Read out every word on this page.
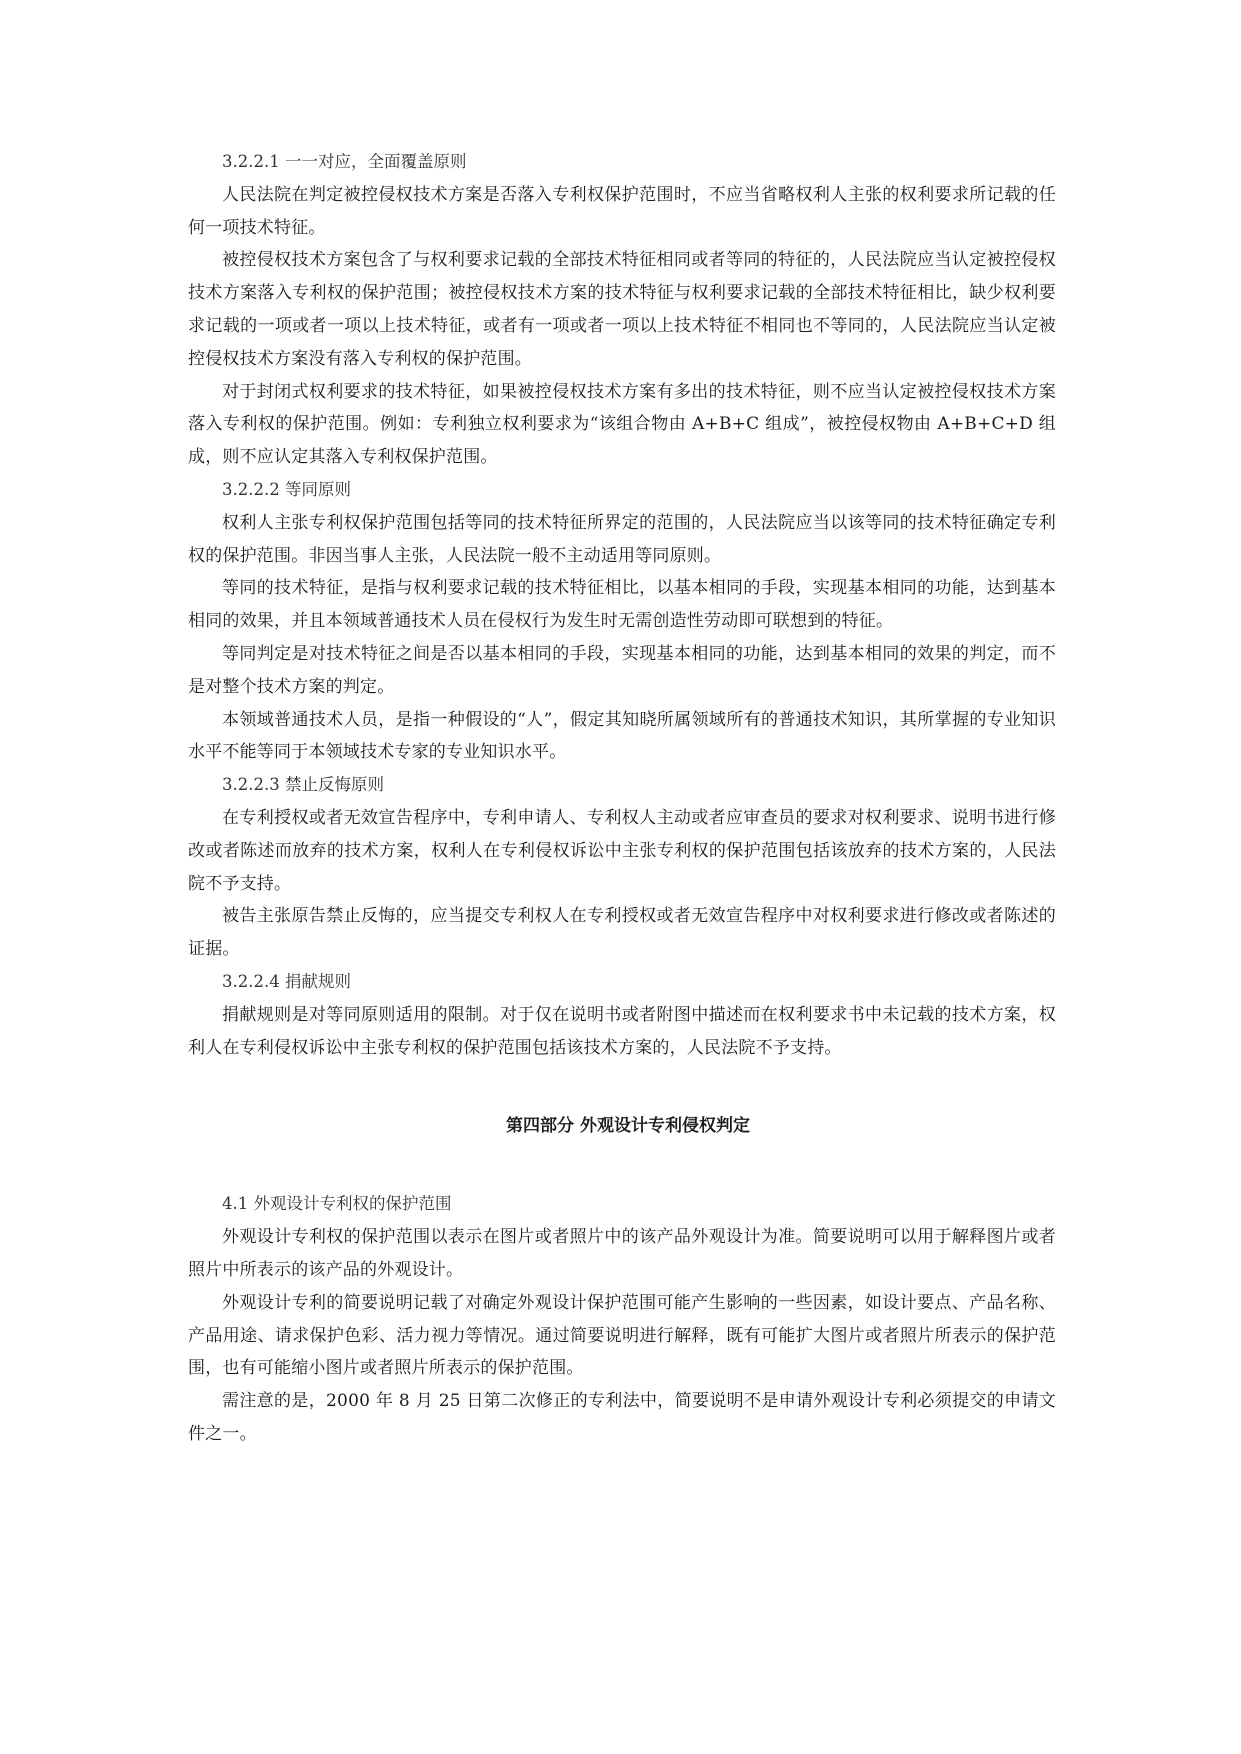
3.2.2.1 一一对应，全面覆盖原则

人民法院在判定被控侵权技术方案是否落入专利权保护范围时，不应当省略权利人主张的权利要求所记载的任何一项技术特征。

被控侵权技术方案包含了与权利要求记载的全部技术特征相同或者等同的特征的，人民法院应当认定被控侵权技术方案落入专利权的保护范围；被控侵权技术方案的技术特征与权利要求记载的全部技术特征相比，缺少权利要求记载的一项或者一项以上技术特征，或者有一项或者一项以上技术特征不相同也不等同的，人民法院应当认定被控侵权技术方案没有落入专利权的保护范围。

对于封闭式权利要求的技术特征，如果被控侵权技术方案有多出的技术特征，则不应当认定被控侵权技术方案落入专利权的保护范围。例如：专利独立权利要求为“该组合物由 A+B+C 组成”，被控侵权物由 A+B+C+D 组成，则不应认定其落入专利权保护范围。

3.2.2.2 等同原则

权利人主张专利权保护范围包括等同的技术特征所界定的范围的，人民法院应当以该等同的技术特征确定专利权的保护范围。非因当事人主张，人民法院一般不主动适用等同原则。

等同的技术特征，是指与权利要求记载的技术特征相比，以基本相同的手段，实现基本相同的功能，达到基本相同的效果，并且本领域普通技术人员在侵权行为发生时无需创造性劳动即可联想到的特征。

等同判定是对技术特征之间是否以基本相同的手段，实现基本相同的功能，达到基本相同的效果的判定，而不是对整个技术方案的判定。

本领域普通技术人员，是指一种假设的“人”，假定其知晓所属领域所有的普通技术知识，其所掌握的专业知识水平不能等同于本领域技术专家的专业知识水平。

3.2.2.3 禁止反悔原则

在专利授权或者无效宣告程序中，专利申请人、专利权人主动或者应审查员的要求对权利要求、说明书进行修改或者陈述而放弃的技术方案，权利人在专利侵权诉讼中主张专利权的保护范围包括该放弃的技术方案的，人民法院不予支持。

被告主张原告禁止反悔的，应当提交专利权人在专利授权或者无效宣告程序中对权利要求进行修改或者陈述的证据。

3.2.2.4 捐献规则

捐献规则是对等同原则适用的限制。对于仅在说明书或者附图中描述而在权利要求书中未记载的技术方案，权利人在专利侵权诉讼中主张专利权的保护范围包括该技术方案的，人民法院不予支持。

第四部分 外观设计专利侵权判定

4.1 外观设计专利权的保护范围

外观设计专利权的保护范围以表示在图片或者照片中的该产品外观设计为准。简要说明可以用于解释图片或者照片中所表示的该产品的外观设计。

外观设计专利的简要说明记载了对确定外观设计保护范围可能产生影响的一些因素，如设计要点、产品名称、产品用途、请求保护色彩、活力视力等情况。通过简要说明进行解释，既有可能扩大图片或者照片所表示的保护范围，也有可能缩小图片或者照片所表示的保护范围。

需注意的是，2000 年 8 月 25 日第二次修正的专利法中，简要说明不是申请外观设计专利必须提交的申请文件之一。
